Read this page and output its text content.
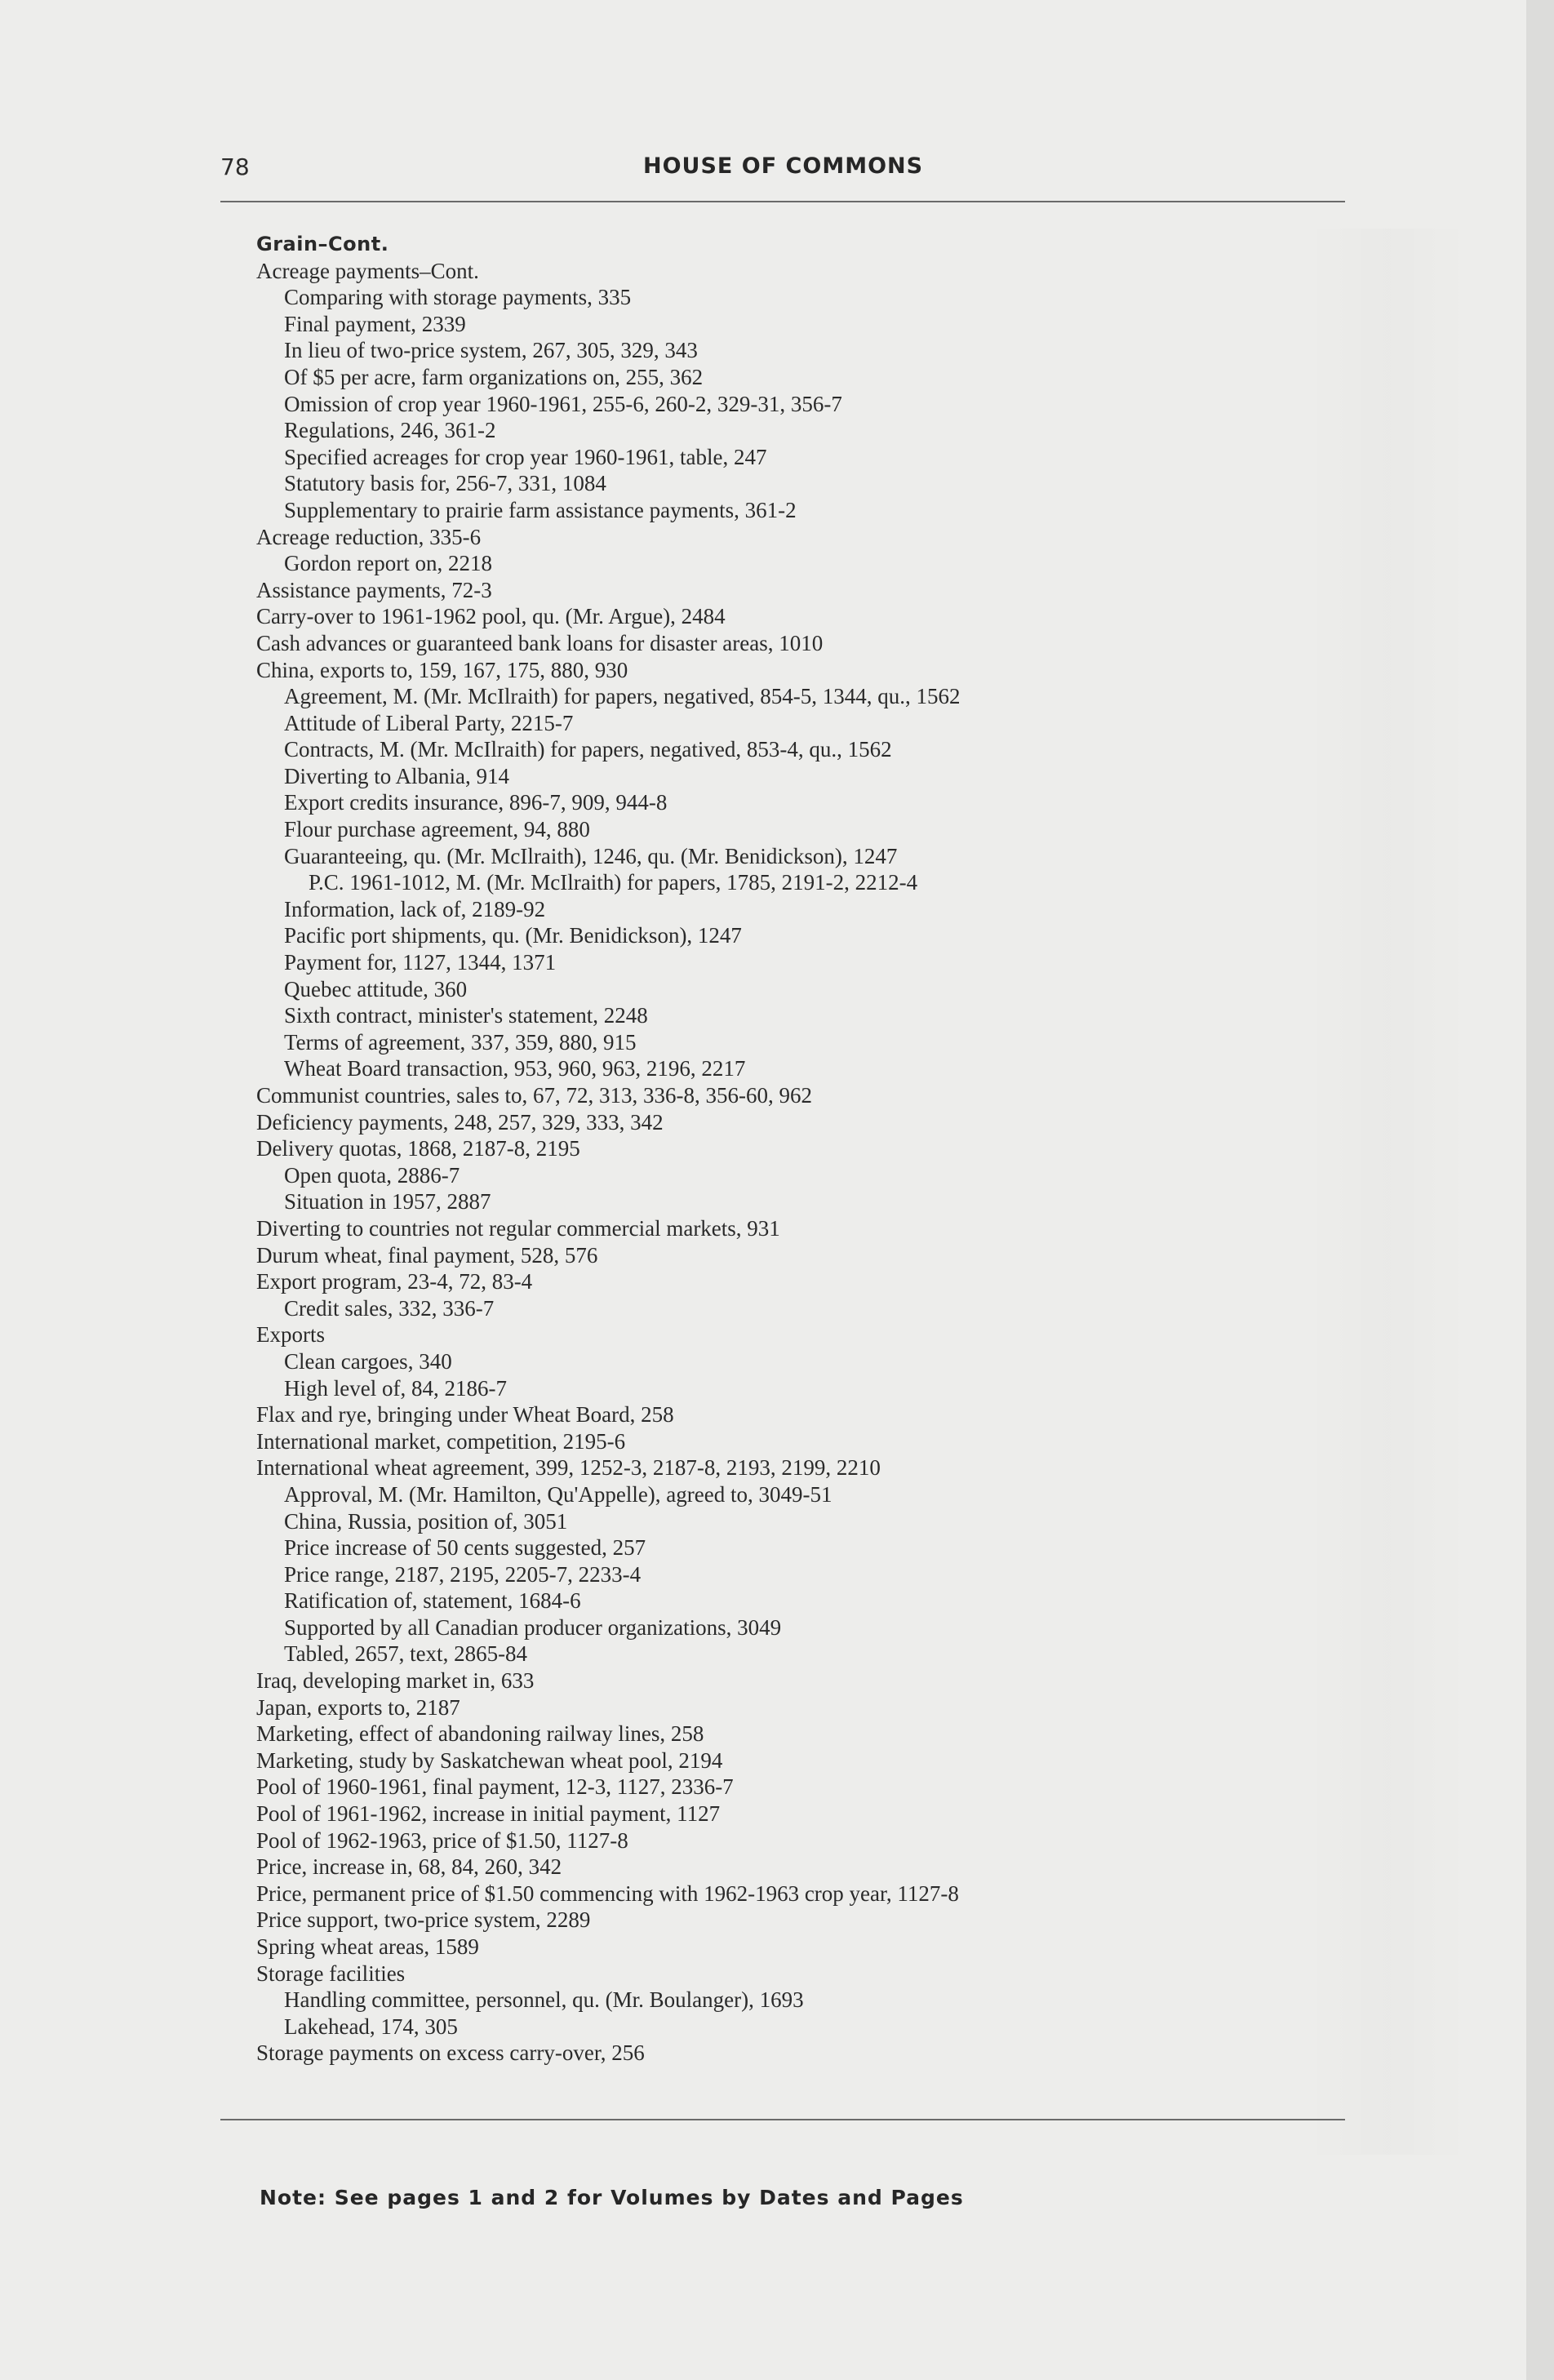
78	HOUSE OF COMMONS
Grain–Cont.
Acreage payments–Cont.
Comparing with storage payments, 335
Final payment, 2339
In lieu of two-price system, 267, 305, 329, 343
Of $5 per acre, farm organizations on, 255, 362
Omission of crop year 1960-1961, 255-6, 260-2, 329-31, 356-7
Regulations, 246, 361-2
Specified acreages for crop year 1960-1961, table, 247
Statutory basis for, 256-7, 331, 1084
Supplementary to prairie farm assistance payments, 361-2
Acreage reduction, 335-6
Gordon report on, 2218
Assistance payments, 72-3
Carry-over to 1961-1962 pool, qu. (Mr. Argue), 2484
Cash advances or guaranteed bank loans for disaster areas, 1010
China, exports to, 159, 167, 175, 880, 930
Agreement, M. (Mr. McIlraith) for papers, negatived, 854-5, 1344, qu., 1562
Attitude of Liberal Party, 2215-7
Contracts, M. (Mr. McIlraith) for papers, negatived, 853-4, qu., 1562
Diverting to Albania, 914
Export credits insurance, 896-7, 909, 944-8
Flour purchase agreement, 94, 880
Guaranteeing, qu. (Mr. McIlraith), 1246, qu. (Mr. Benidickson), 1247
P.C. 1961-1012, M. (Mr. McIlraith) for papers, 1785, 2191-2, 2212-4
Information, lack of, 2189-92
Pacific port shipments, qu. (Mr. Benidickson), 1247
Payment for, 1127, 1344, 1371
Quebec attitude, 360
Sixth contract, minister's statement, 2248
Terms of agreement, 337, 359, 880, 915
Wheat Board transaction, 953, 960, 963, 2196, 2217
Communist countries, sales to, 67, 72, 313, 336-8, 356-60, 962
Deficiency payments, 248, 257, 329, 333, 342
Delivery quotas, 1868, 2187-8, 2195
Open quota, 2886-7
Situation in 1957, 2887
Diverting to countries not regular commercial markets, 931
Durum wheat, final payment, 528, 576
Export program, 23-4, 72, 83-4
Credit sales, 332, 336-7
Exports
Clean cargoes, 340
High level of, 84, 2186-7
Flax and rye, bringing under Wheat Board, 258
International market, competition, 2195-6
International wheat agreement, 399, 1252-3, 2187-8, 2193, 2199, 2210
Approval, M. (Mr. Hamilton, Qu'Appelle), agreed to, 3049-51
China, Russia, position of, 3051
Price increase of 50 cents suggested, 257
Price range, 2187, 2195, 2205-7, 2233-4
Ratification of, statement, 1684-6
Supported by all Canadian producer organizations, 3049
Tabled, 2657, text, 2865-84
Iraq, developing market in, 633
Japan, exports to, 2187
Marketing, effect of abandoning railway lines, 258
Marketing, study by Saskatchewan wheat pool, 2194
Pool of 1960-1961, final payment, 12-3, 1127, 2336-7
Pool of 1961-1962, increase in initial payment, 1127
Pool of 1962-1963, price of $1.50, 1127-8
Price, increase in, 68, 84, 260, 342
Price, permanent price of $1.50 commencing with 1962-1963 crop year, 1127-8
Price support, two-price system, 2289
Spring wheat areas, 1589
Storage facilities
Handling committee, personnel, qu. (Mr. Boulanger), 1693
Lakehead, 174, 305
Storage payments on excess carry-over, 256
Note: See pages 1 and 2 for Volumes by Dates and Pages
